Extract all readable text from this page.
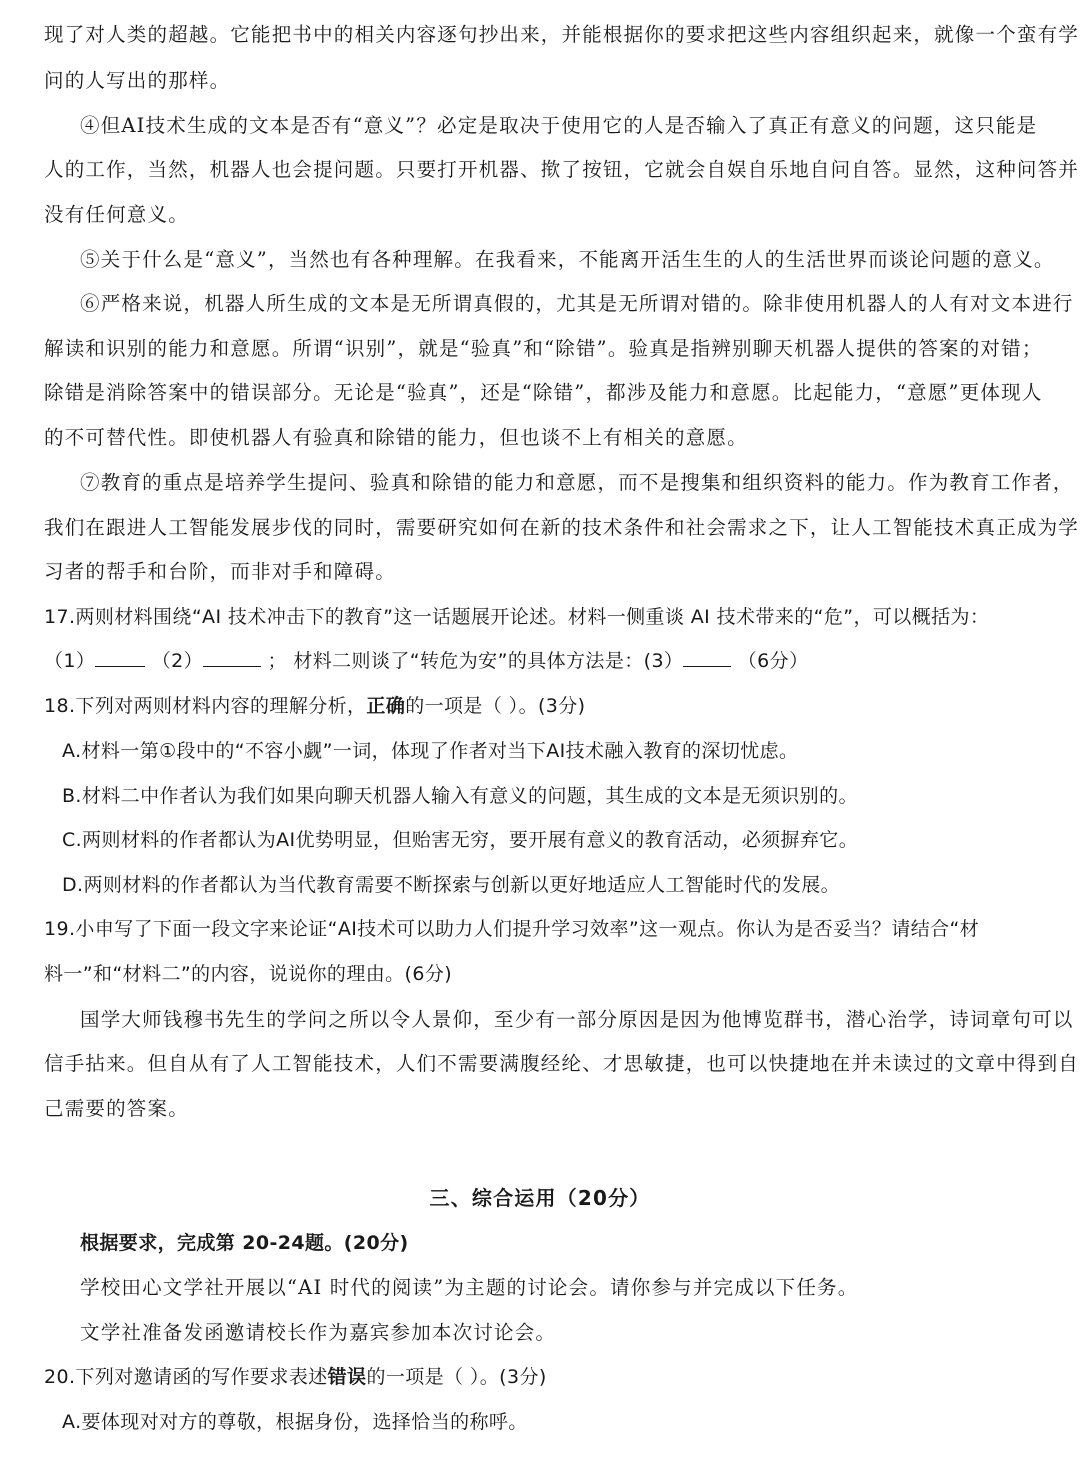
现了对人类的超越。它能把书中的相关内容逐句抄出来，并能根据你的要求把这些内容组织起来，就像一个蛮有学
问的人写出的那样。
④但AI技术生成的文本是否有“意义”？必定是取决于使用它的人是否输入了真正有意义的问题，这只能是
人的工作，当然，机器人也会提问题。只要打开机器、揿了按钮，它就会自娱自乐地自问自答。显然，这种问答并
没有任何意义。
⑤关于什么是“意义”，当然也有各种理解。在我看来，不能离开活生生的人的生活世界而谈论问题的意义。
⑥严格来说，机器人所生成的文本是无所谓真假的，尤其是无所谓对错的。除非使用机器人的人有对文本进行
解读和识别的能力和意愿。所谓“识别”，就是“验真”和“除错”。验真是指辨别聊天机器人提供的答案的对错；
除错是消除答案中的错误部分。无论是“验真”，还是“除错”，都涉及能力和意愿。比起能力，“意愿”更体现人
的不可替代性。即使机器人有验真和除错的能力，但也谈不上有相关的意愿。
⑦教育的重点是培养学生提问、验真和除错的能力和意愿，而不是搜集和组织资料的能力。作为教育工作者，
我们在跟进人工智能发展步伐的同时，需要研究如何在新的技术条件和社会需求之下，让人工智能技术真正成为学
习者的帮手和台阶，而非对手和障碍。
17.两则材料围绕“AI 技术冲击下的教育”这一话题展开论述。材料一侧重谈 AI 技术带来的“危”，可以概括为：
（1）	（2）	； 材料二则谈了“转危为安”的具体方法是：(3）	（6分）
18.下列对两则材料内容的理解分析，正确的一项是（ ）。(3分)
A.材料一第①段中的“不容小觑”一词，体现了作者对当下AI技术融入教育的深切忧虑。
B.材料二中作者认为我们如果向聊天机器人输入有意义的问题，其生成的文本是无须识别的。
C.两则材料的作者都认为AI优势明显，但贻害无穷，要开展有意义的教育活动，必须摒弃它。
D.两则材料的作者都认为当代教育需要不断探索与创新以更好地适应人工智能时代的发展。
19.小申写了下面一段文字来论证“AI技术可以助力人们提升学习效率”这一观点。你认为是否妥当？请结合“材
料一”和“材料二”的内容，说说你的理由。(6分)
国学大师钱穆书先生的学问之所以令人景仰，至少有一部分原因是因为他博览群书，潜心治学，诗词章句可以
信手拈来。但自从有了人工智能技术，人们不需要满腹经纶、才思敏捷，也可以快捷地在并未读过的文章中得到自
己需要的答案。
三、综合运用（20分）
根据要求，完成第 20-24题。(20分)
学校田心文学社开展以“AI 时代的阅读”为主题的讨论会。请你参与并完成以下任务。
文学社准备发函邀请校长作为嘉宾参加本次讨论会。
20.下列对邀请函的写作要求表述错误的一项是（ ）。(3分)
A.要体现对对方的尊敬，根据身份，选择恰当的称呼。
